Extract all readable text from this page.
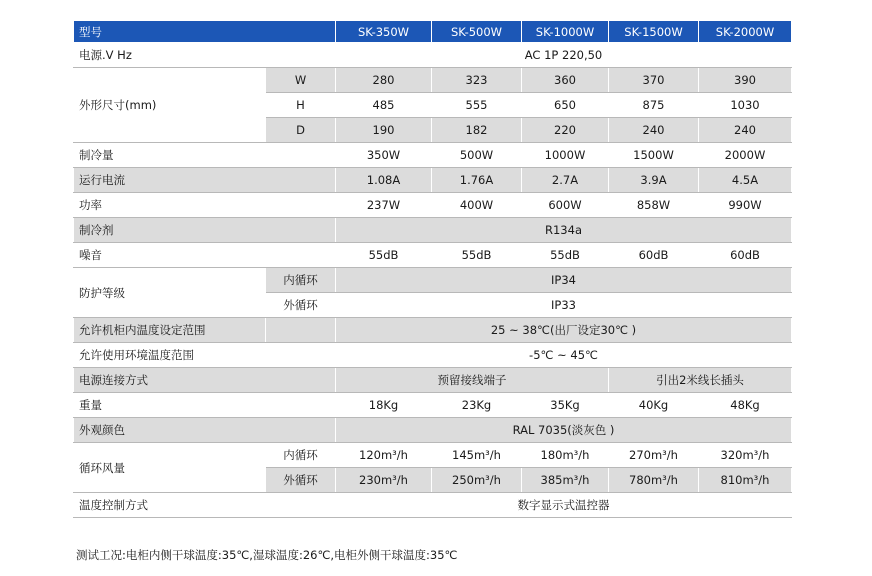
型号		SK-350W	SK-500W	SK-1000W	SK-1500W	SK-2000W
电源.V Hz		AC 1P 220,50				
外形尺寸(mm)	W	280	323	360	370	390
	H	485	555	650	875	1030
	D	190	182	220	240	240
制冷量		350W	500W	1000W	1500W	2000W
运行电流		1.08A	1.76A	2.7A	3.9A	4.5A
功率		237W	400W	600W	858W	990W
制冷剂		R134a				
噪音		55dB	55dB	55dB	60dB	60dB
防护等级	内循环	IP34				
	外循环	IP33				
允许机柜内温度设定范围		25 ~ 38℃(出厂设定30℃ )				
允许使用环境温度范围		-5℃ ~ 45℃				
电源连接方式		预留接线端子			引出2米线长插头	
重量		18Kg	23Kg	35Kg	40Kg	48Kg
外观颜色		RAL 7035(淡灰色 )				
循环风量	内循环	120m³/h	145m³/h	180m³/h	270m³/h	320m³/h
	外循环	230m³/h	250m³/h	385m³/h	780m³/h	810m³/h
温度控制方式		数字显示式温控器				
测试工况:电柜内侧干球温度:35℃,湿球温度:26℃,电柜外侧干球温度:35℃
